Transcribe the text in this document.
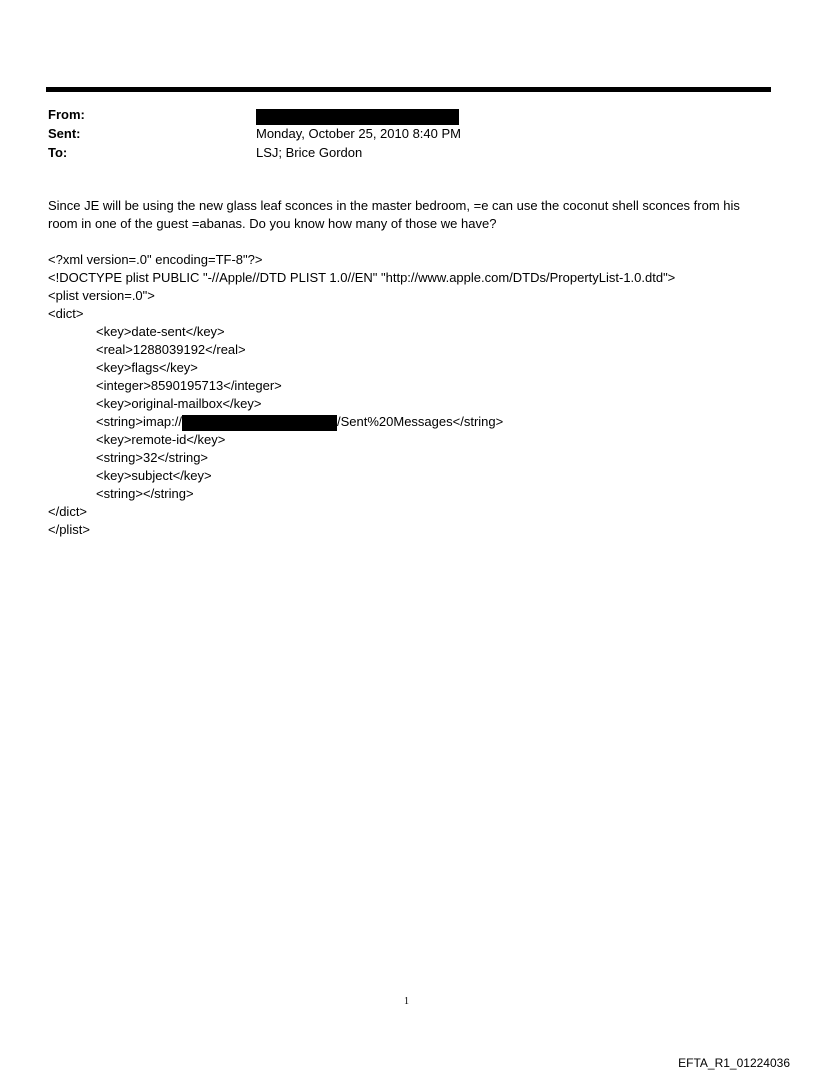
From:
Sent:	Monday, October 25, 2010 8:40 PM
To:	LSJ; Brice Gordon
Since JE will be using the new glass leaf sconces in the master bedroom, =e can use the coconut shell sconces from his room in one of the guest =abanas. Do you know how many of those we have?
<?xml version=.0" encoding=TF-8"?>
<!DOCTYPE plist PUBLIC "-//Apple//DTD PLIST 1.0//EN" "http://www.apple.com/DTDs/PropertyList-1.0.dtd">
<plist version=.0">
<dict>
<key>date-sent</key>
<real>1288039192</real>
<key>flags</key>
<integer>8590195713</integer>
<key>original-mailbox</key>
<string>imap://	/Sent%20Messages</string>
<key>remote-id</key>
<string>32</string>
<key>subject</key>
<string></string>
</dict>
</plist>
1
EFTA_R1_01224036
